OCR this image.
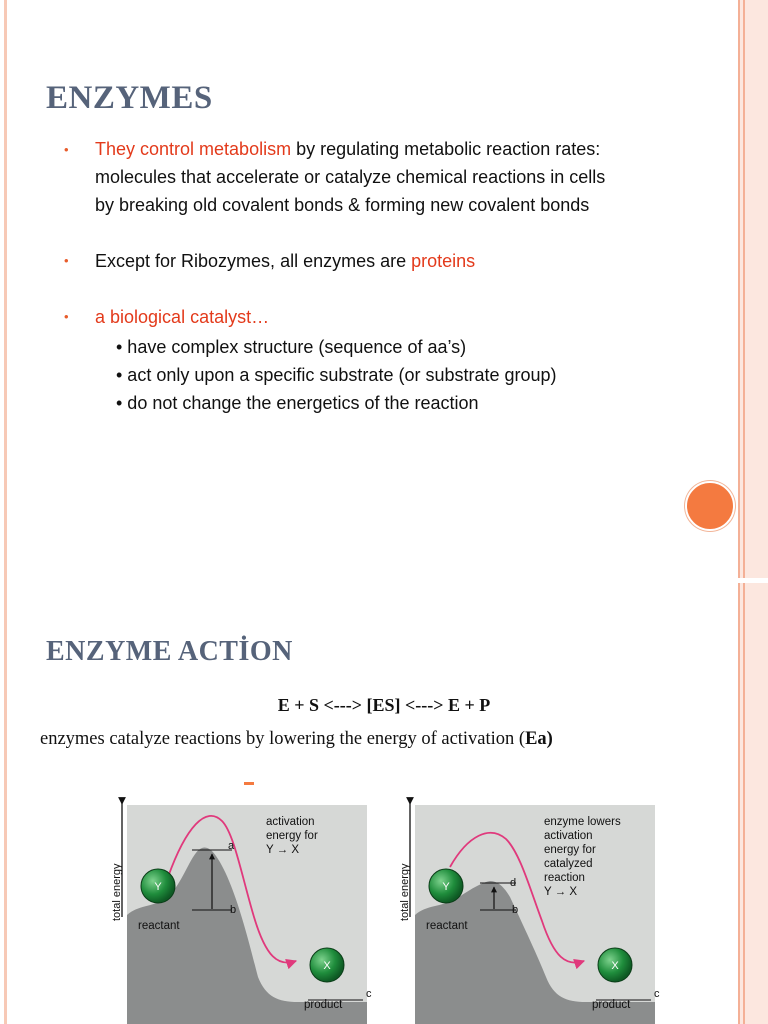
ENZYMES
• They control metabolism by regulating metabolic reaction rates:
molecules that accelerate or catalyze chemical reactions in cells
by breaking old covalent bonds & forming new covalent bonds
• Except for Ribozymes, all enzymes are proteins
• a biological catalyst…
• have complex structure (sequence of aa’s)
• act only upon a specific substrate (or substrate group)
• do not change the energetics of the reaction
ENZYME ACTİON
E + S <---> [ES] <---> E + P
enzymes catalyze reactions by lowering the energy of activation (Ea)
total energy	Y
X
a
b
c
activation
energy for
Y → X
reactant
product
total energy	Y
X
d
b
c
enzyme lowers
activation
energy for
catalyzed
reaction
Y → X
reactant
product
